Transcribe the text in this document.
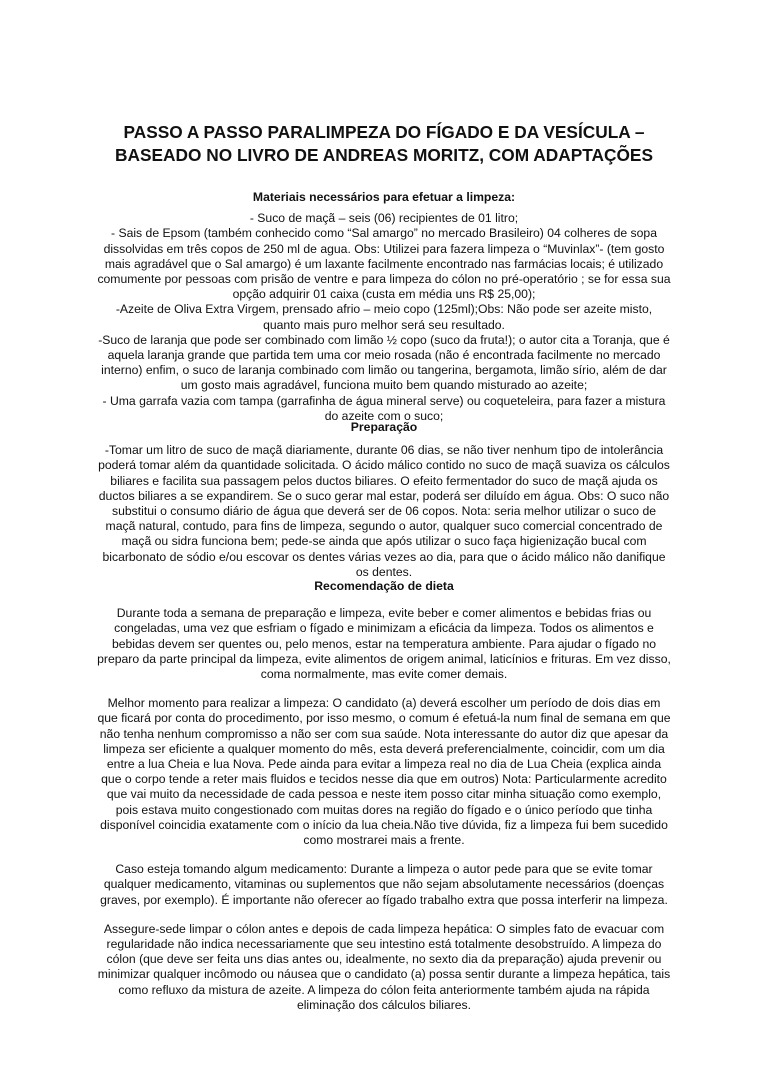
PASSO A PASSO PARALIMPEZA DO FÍGADO E DA VESÍCULA –
BASEADO NO LIVRO DE ANDREAS MORITZ, COM ADAPTAÇÕES
Materiais necessários para efetuar a limpeza:
- Suco de maçã – seis (06) recipientes de 01 litro;
- Sais de Epsom (também conhecido como “Sal amargo” no mercado Brasileiro) 04 colheres de sopa
dissolvidas em três copos de 250 ml de agua. Obs: Utilizei para fazera limpeza o “Muvinlax”- (tem gosto
mais agradável que o Sal amargo) é um laxante facilmente encontrado nas farmácias locais; é utilizado
comumente por pessoas com prisão de ventre e para limpeza do cólon no pré-operatório ; se for essa sua
opção adquirir 01 caixa (custa em média uns R$ 25,00);
-Azeite de Oliva Extra Virgem, prensado afrio – meio copo (125ml);Obs: Não pode ser azeite misto,
quanto mais puro melhor será seu resultado.
-Suco de laranja que pode ser combinado com limão ½ copo (suco da fruta!); o autor cita a Toranja, que é
aquela laranja grande que partida tem uma cor meio rosada (não é encontrada facilmente no mercado
interno) enfim, o suco de laranja combinado com limão ou tangerina, bergamota, limão sírio, além de dar
um gosto mais agradável, funciona muito bem quando misturado ao azeite;
- Uma garrafa vazia com tampa (garrafinha de água mineral serve) ou coqueteleira, para fazer a mistura
do azeite com o suco;
Preparação
-Tomar um litro de suco de maçã diariamente, durante 06 dias, se não tiver nenhum tipo de intolerância
poderá tomar além da quantidade solicitada. O ácido málico contido no suco de maçã suaviza os cálculos
biliares e facilita sua passagem pelos ductos biliares. O efeito fermentador do suco de maçã ajuda os
ductos biliares a se expandirem. Se o suco gerar mal estar, poderá ser diluído em água. Obs: O suco não
substitui o consumo diário de água que deverá ser de 06 copos. Nota: seria melhor utilizar o suco de
maçã natural, contudo, para fins de limpeza, segundo o autor, qualquer suco comercial concentrado de
maçã ou sidra funciona bem; pede-se ainda que após utilizar o suco faça higienização bucal com
bicarbonato de sódio e/ou escovar os dentes várias vezes ao dia, para que o ácido málico não danifique
os dentes.
Recomendação de dieta
Durante toda a semana de preparação e limpeza, evite beber e comer alimentos e bebidas frias ou
congeladas, uma vez que esfriam o fígado e minimizam a eficácia da limpeza. Todos os alimentos e
bebidas devem ser quentes ou, pelo menos, estar na temperatura ambiente. Para ajudar o fígado no
preparo da parte principal da limpeza, evite alimentos de origem animal, laticínios e frituras. Em vez disso,
coma normalmente, mas evite comer demais.
Melhor momento para realizar a limpeza: O candidato (a) deverá escolher um período de dois dias em
que ficará por conta do procedimento, por isso mesmo, o comum é efetuá-la num final de semana em que
não tenha nenhum compromisso a não ser com sua saúde. Nota interessante do autor diz que apesar da
limpeza ser eficiente a qualquer momento do mês, esta deverá preferencialmente, coincidir, com um dia
entre a lua Cheia e lua Nova. Pede ainda para evitar a limpeza real no dia de Lua Cheia (explica ainda
que o corpo tende a reter mais fluidos e tecidos nesse dia que em outros) Nota: Particularmente acredito
que vai muito da necessidade de cada pessoa e neste item posso citar minha situação como exemplo,
pois estava muito congestionado com muitas dores na região do fígado e o único período que tinha
disponível coincidia exatamente com o início da lua cheia.Não tive dúvida, fiz a limpeza fui bem sucedido
como mostrarei mais a frente.
Caso esteja tomando algum medicamento: Durante a limpeza o autor pede para que se evite tomar
qualquer medicamento, vitaminas ou suplementos que não sejam absolutamente necessários (doenças
graves, por exemplo). É importante não oferecer ao fígado trabalho extra que possa interferir na limpeza.
Assegure-sede limpar o cólon antes e depois de cada limpeza hepática: O simples fato de evacuar com
regularidade não indica necessariamente que seu intestino está totalmente desobstruído. A limpeza do
cólon (que deve ser feita uns dias antes ou, idealmente, no sexto dia da preparação) ajuda prevenir ou
minimizar qualquer incômodo ou náusea que o candidato (a) possa sentir durante a limpeza hepática, tais
como refluxo da mistura de azeite. A limpeza do cólon feita anteriormente também ajuda na rápida
eliminação dos cálculos biliares.
